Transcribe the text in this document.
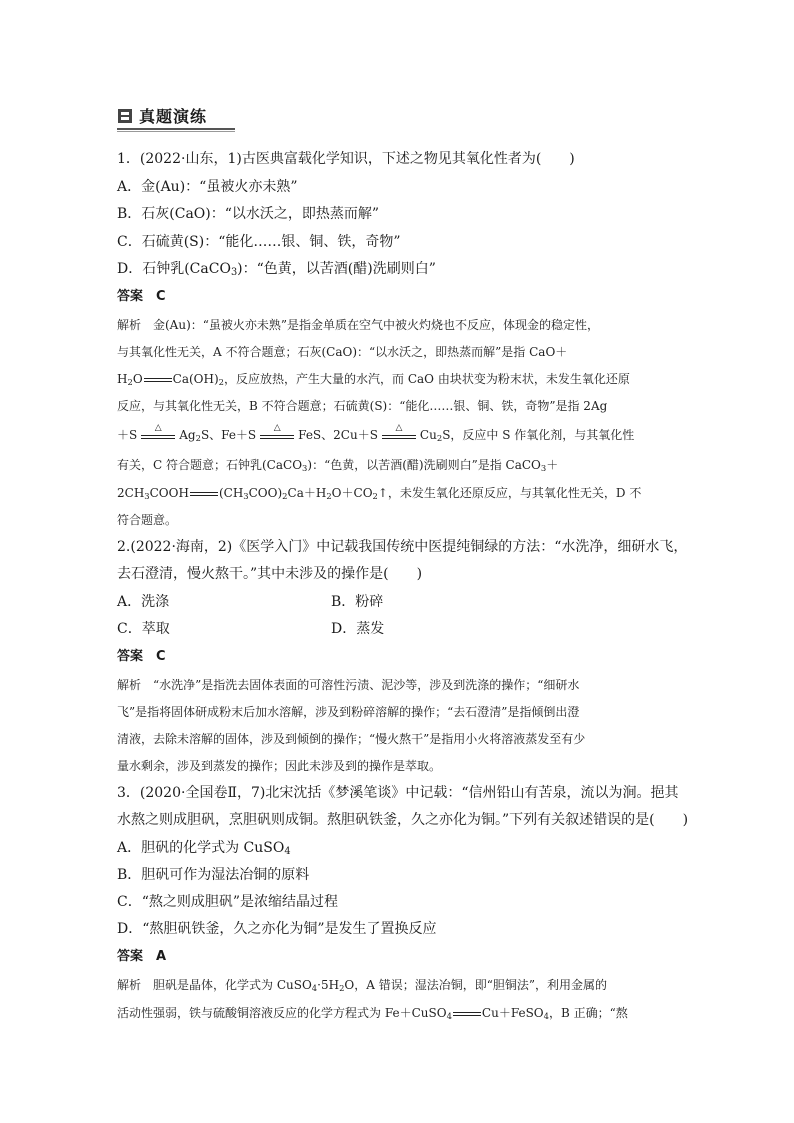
真题演练
1．(2022·山东，1)古医典富载化学知识，下述之物见其氧化性者为(　　)
A．金(Au)：“虽被火亦未熟”
B．石灰(CaO)：“以水沃之，即热蒸而解”
C．石硫黄(S)：“能化……银、铜、铁，奇物”
D．石钟乳(CaCO$_3$)：“色黄，以苦酒(醋)洗刷则白”
答案　C
解析　金(Au)：“虽被火亦未熟”是指金单质在空气中被火灼烧也不反应，体现金的稳定性，
与其氧化性无关，A 不符合题意；石灰(CaO)：“以水沃之，即热蒸而解”是指 CaO＋
$H_2O$	$Ca(OH)_2$，反应放热，产生大量的水汽，而 CaO 由块状变为粉末状，未发生氧化还原
反应，与其氧化性无关，B 不符合题意；石硫黄(S)：“能化……银、铜、铁，奇物”是指 2Ag
＋S
△
$Ag_2S$、Fe＋S
△
FeS、2Cu＋S
△
$Cu_2S$，反应中 S 作氧化剂，与其氧化性
有关，C 符合题意；石钟乳(CaCO$_3$)：“色黄，以苦酒(醋)洗刷则白”是指 CaCO$_3$＋
$2CH_3COOH$	$(CH_3COO)_2Ca+H_2O+CO_2↑$，未发生氧化还原反应，与其氧化性无关，D 不
符合题意。
2.(2022·海南，2)《医学入门》中记载我国传统中医提纯铜绿的方法：“水洗净，细研水飞，
去石澄清，慢火熬干。”其中未涉及的操作是(　　)
A．洗涤	B．粉碎
C．萃取	D．蒸发
答案　C
解析　“水洗净”是指洗去固体表面的可溶性污渍、泥沙等，涉及到洗涤的操作；“细研水
飞”是指将固体研成粉末后加水溶解，涉及到粉碎溶解的操作；“去石澄清”是指倾倒出澄
清液，去除未溶解的固体，涉及到倾倒的操作；“慢火熬干”是指用小火将溶液蒸发至有少
量水剩余，涉及到蒸发的操作；因此未涉及到的操作是萃取。
3．(2020·全国卷Ⅱ，7)北宋沈括《梦溪笔谈》中记载：“信州铅山有苦泉，流以为涧。挹其
水熬之则成胆矾，烹胆矾则成铜。熬胆矾铁釜，久之亦化为铜。”下列有关叙述错误的是(　　)
A．胆矾的化学式为 CuSO$_4$
B．胆矾可作为湿法冶铜的原料
C．“熬之则成胆矾”是浓缩结晶过程
D．“熬胆矾铁釜，久之亦化为铜”是发生了置换反应
答案　A
解析　胆矾是晶体，化学式为 $CuSO_4\cdot 5H_2O$，A 错误；湿法冶铜，即“胆铜法”，利用金属的
活动性强弱，铁与硫酸铜溶液反应的化学方程式为 Fe＋CuSO$_4$	Cu＋FeSO$_4$，B 正确；“熬
